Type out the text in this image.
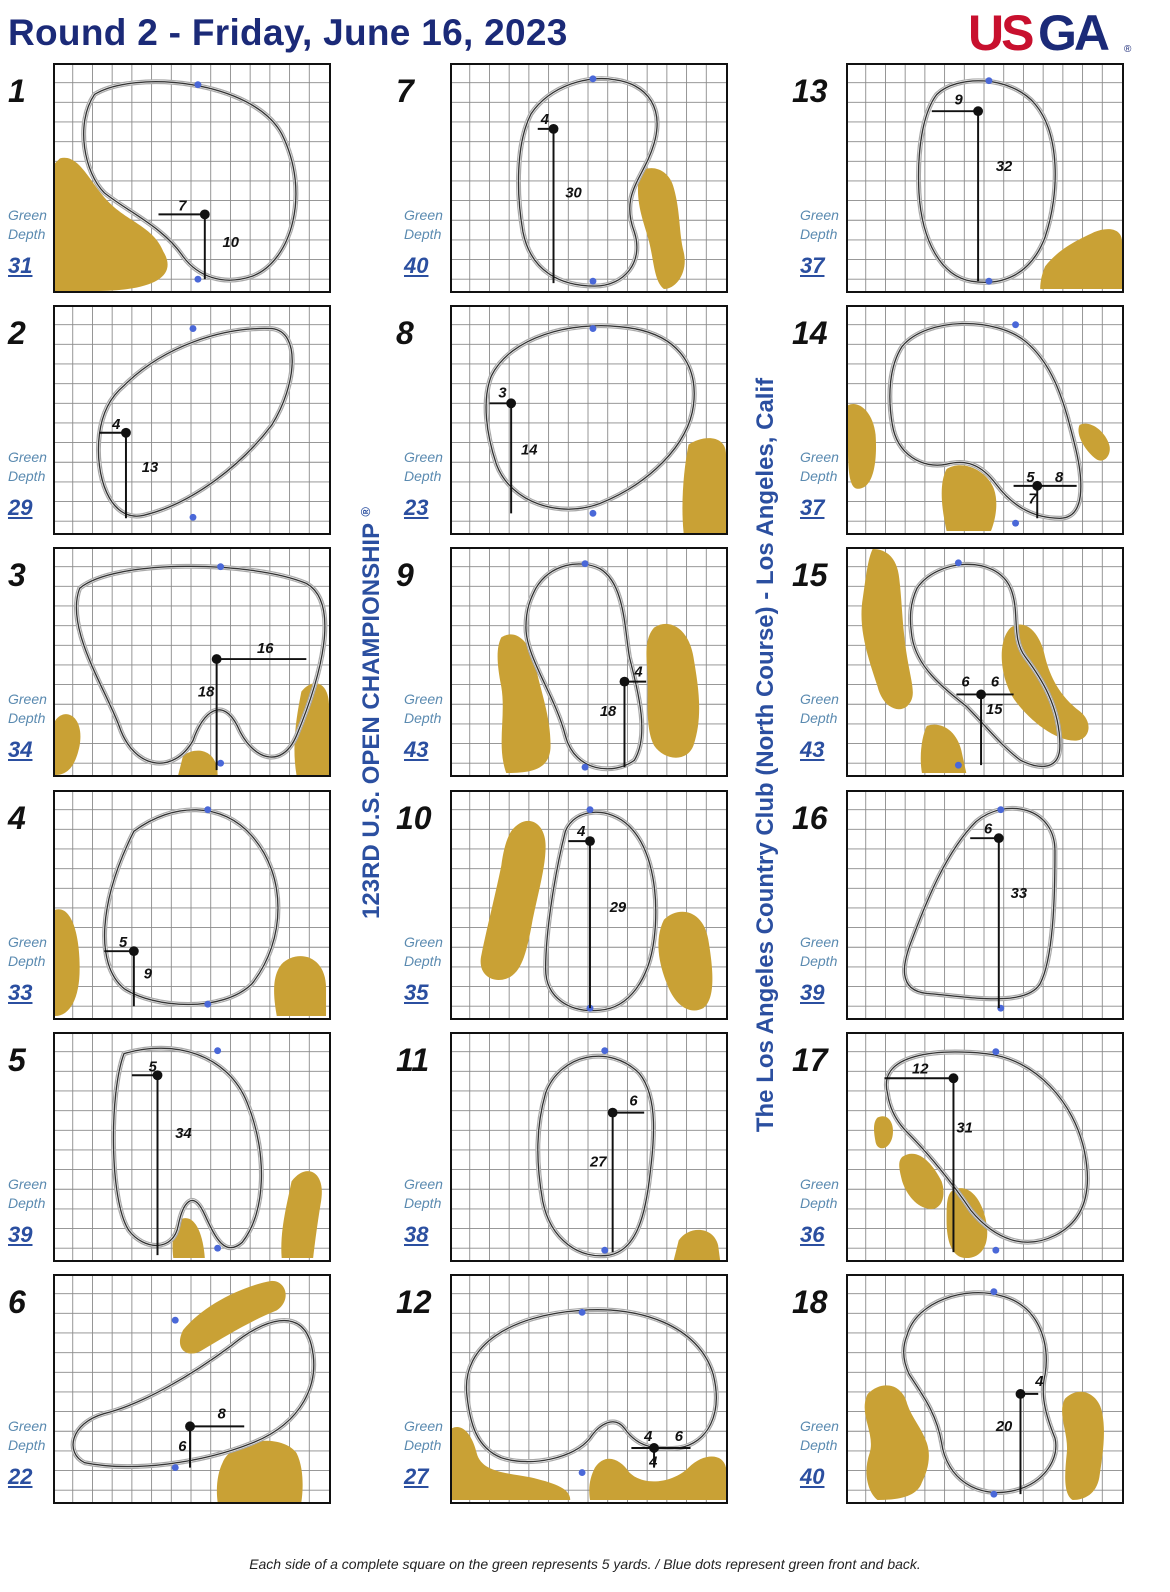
Round 2 - Friday, June 16, 2023	US GA ®
123RD U.S. OPEN CHAMPIONSHIP ®	The Los Angeles Country Club (North Course) - Los Angeles, Calif
1
Green
Depth
31
7
10
2
Green
Depth
29
4
13
3
Green
Depth
34
16
18
4
Green
Depth
33
5
9
5
Green
Depth
39
5
34
6
Green
Depth
22
8
6
7
Green
Depth
40
4
30
8
Green
Depth
23
3
14
9
Green
Depth
43
4
18
10
Green
Depth
35
4
29
11
Green
Depth
38
6
27
12
Green
Depth
27
4 6
4
13
Green
Depth
37
9
32
14
Green
Depth
37
5 8
7
15
Green
Depth
43
6 6
15
16
Green
Depth
39
6
33
17
Green
Depth
36
12
31
18
Green
Depth
40
4
20
Each side of a complete square on the green represents 5 yards. / Blue dots represent green front and back.
